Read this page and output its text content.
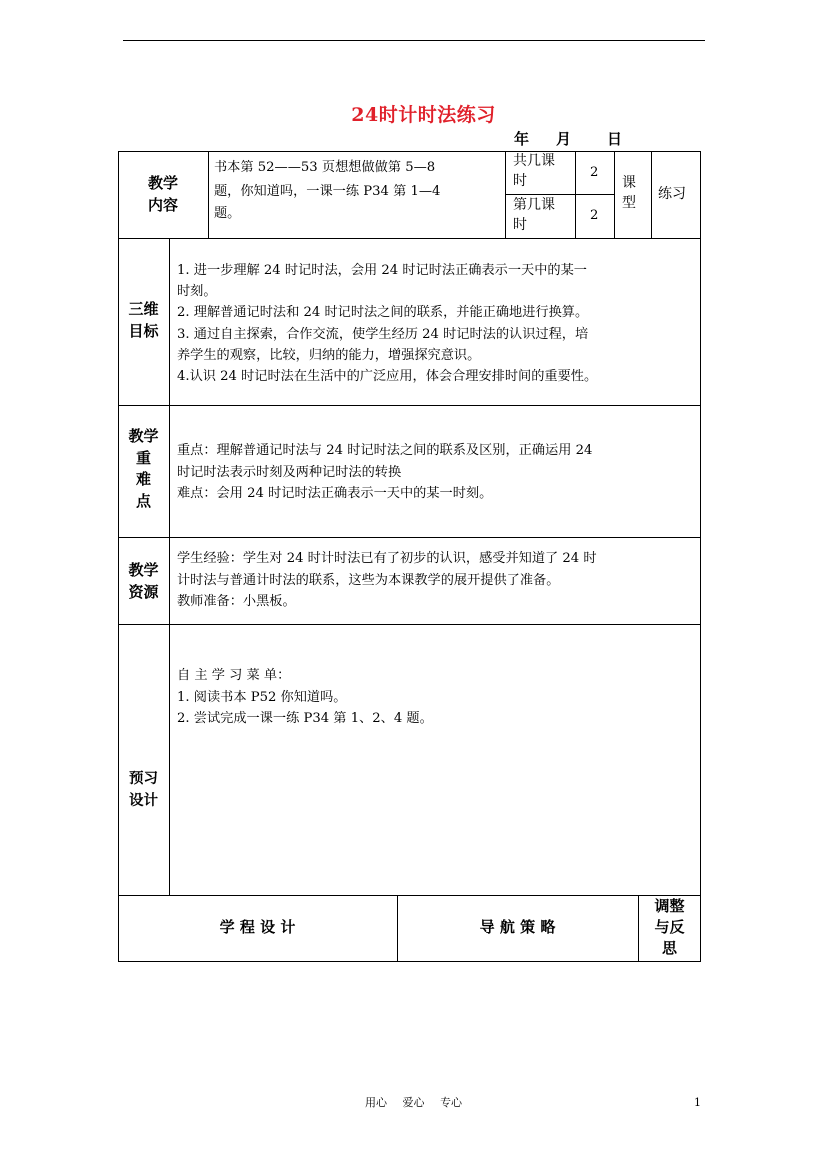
24时计时法练习
年 月 日
教学
内容
书本第 52——53 页想想做做第 5—8
题，你知道吗，一课一练 P34 第 1—4
题。
共几课
时
2
第几课
时
2
课
型
练习
三维
目标
1. 进一步理解 24 时记时法，会用 24 时记时法正确表示一天中的某一
时刻。
2. 理解普通记时法和 24 时记时法之间的联系，并能正确地进行换算。
3. 通过自主探索，合作交流，使学生经历 24 时记时法的认识过程，培
养学生的观察，比较，归纳的能力，增强探究意识。
4.认识 24 时记时法在生活中的广泛应用，体会合理安排时间的重要性。
教学
重
难
点
重点：理解普通记时法与 24 时记时法之间的联系及区别，正确运用 24
时记时法表示时刻及两种记时法的转换
难点：会用 24 时记时法正确表示一天中的某一时刻。
教学
资源
学生经验：学生对 24 时计时法已有了初步的认识，感受并知道了 24 时
计时法与普通计时法的联系，这些为本课教学的展开提供了准备。
教师准备：小黑板。
预习
设计
自 主 学 习 菜 单：
1. 阅读书本 P52 你知道吗。
2. 尝试完成一课一练 P34 第 1、2、4 题。
学 程 设 计	导 航 策 略
调整
与反
思
用心 爱心 专心	1
